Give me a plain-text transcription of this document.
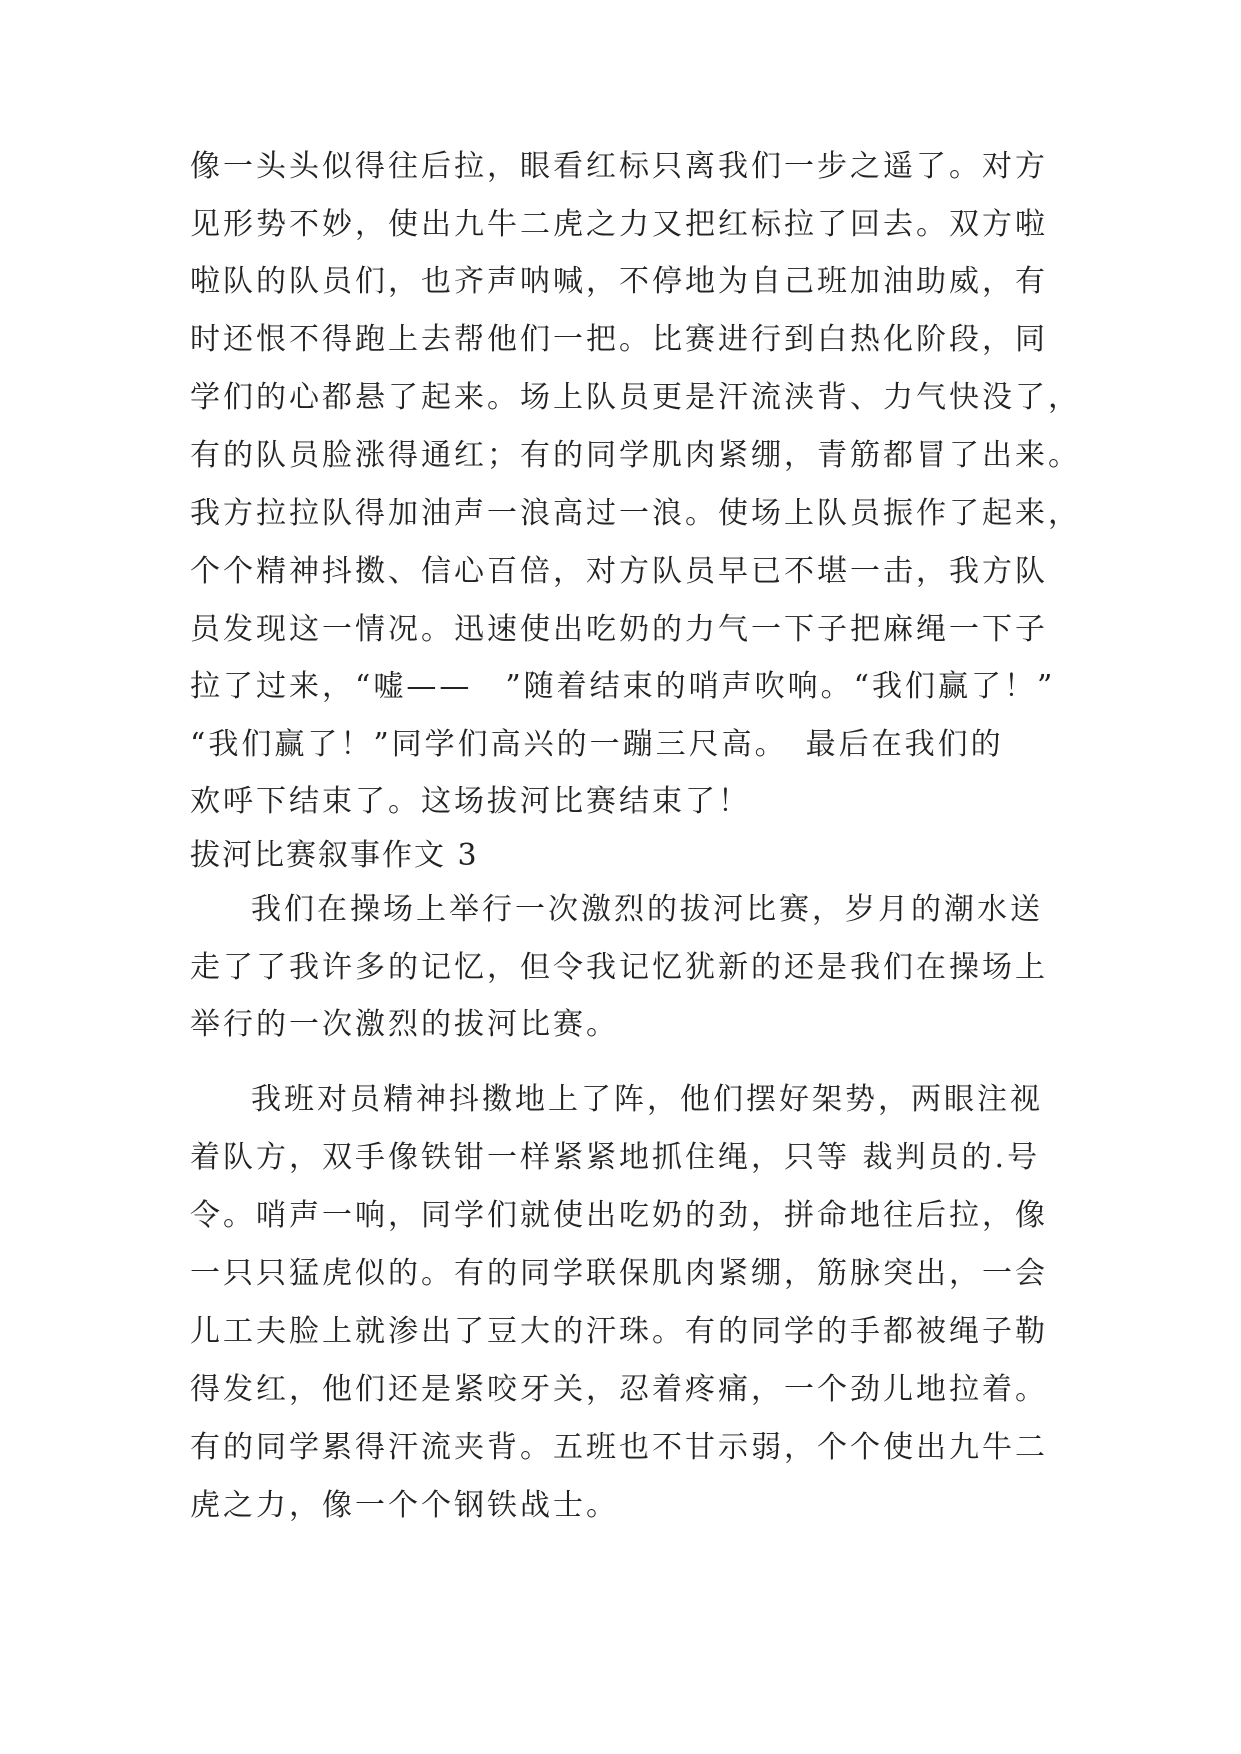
像一头头似得往后拉，眼看红标只离我们一步之遥了。对方
见形势不妙，使出九牛二虎之力又把红标拉了回去。双方啦
啦队的队员们，也齐声呐喊，不停地为自己班加油助威，有
时还恨不得跑上去帮他们一把。比赛进行到白热化阶段，同
学们的心都悬了起来。场上队员更是汗流浃背、力气快没了，
有的队员脸涨得通红；有的同学肌肉紧绷，青筋都冒了出来。
我方拉拉队得加油声一浪高过一浪。使场上队员振作了起来，
个个精神抖擞、信心百倍，对方队员早已不堪一击，我方队
员发现这一情况。迅速使出吃奶的力气一下子把麻绳一下子
拉了过来，“嘘——　”随着结束的哨声吹响。“我们赢了！”
“我们赢了！”同学们高兴的一蹦三尺高。　最后在我们的
欢呼下结束了。这场拔河比赛结束了！
拔河比赛叙事作文 3
我们在操场上举行一次激烈的拔河比赛，岁月的潮水送
走了了我许多的记忆，但令我记忆犹新的还是我们在操场上
举行的一次激烈的拔河比赛。
我班对员精神抖擞地上了阵，他们摆好架势，两眼注视
着队方，双手像铁钳一样紧紧地抓住绳，只等 裁判员的.号
令。哨声一响，同学们就使出吃奶的劲，拼命地往后拉，像
一只只猛虎似的。有的同学联保肌肉紧绷，筋脉突出，一会
儿工夫脸上就渗出了豆大的汗珠。有的同学的手都被绳子勒
得发红，他们还是紧咬牙关，忍着疼痛，一个劲儿地拉着。
有的同学累得汗流夹背。五班也不甘示弱，个个使出九牛二
虎之力，像一个个钢铁战士。
